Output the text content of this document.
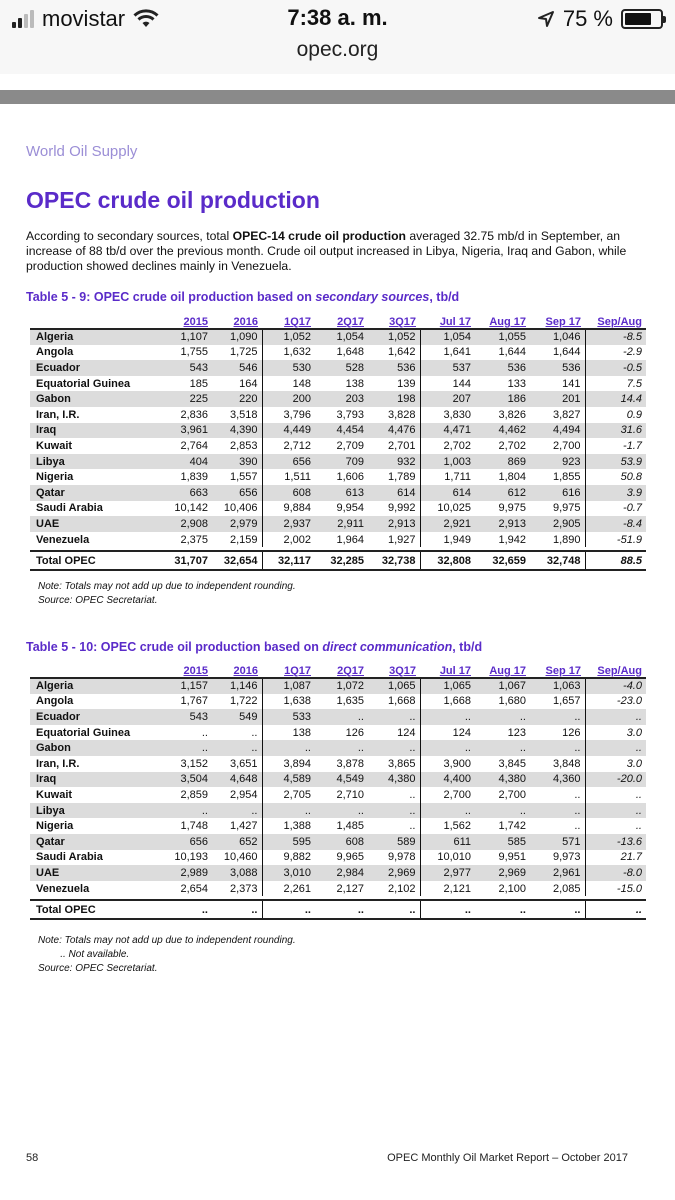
movistar	7:38 a. m.	75 %
opec.org
World Oil Supply
OPEC crude oil production

According to secondary sources, total OPEC-14 crude oil production averaged 32.75 mb/d in September, an increase of 88 tb/d over the previous month. Crude oil output increased in Libya, Nigeria, Iraq and Gabon, while production showed declines mainly in Venezuela.

Table 5 - 9: OPEC crude oil production based on secondary sources, tb/d
	2015	2016	1Q17	2Q17	3Q17	Jul 17	Aug 17	Sep 17	Sep/Aug
Algeria	1,107	1,090	1,052	1,054	1,052	1,054	1,055	1,046	-8.5
Angola	1,755	1,725	1,632	1,648	1,642	1,641	1,644	1,644	-2.9
Ecuador	543	546	530	528	536	537	536	536	-0.5
Equatorial Guinea	185	164	148	138	139	144	133	141	7.5
Gabon	225	220	200	203	198	207	186	201	14.4
Iran, I.R.	2,836	3,518	3,796	3,793	3,828	3,830	3,826	3,827	0.9
Iraq	3,961	4,390	4,449	4,454	4,476	4,471	4,462	4,494	31.6
Kuwait	2,764	2,853	2,712	2,709	2,701	2,702	2,702	2,700	-1.7
Libya	404	390	656	709	932	1,003	869	923	53.9
Nigeria	1,839	1,557	1,511	1,606	1,789	1,711	1,804	1,855	50.8
Qatar	663	656	608	613	614	614	612	616	3.9
Saudi Arabia	10,142	10,406	9,884	9,954	9,992	10,025	9,975	9,975	-0.7
UAE	2,908	2,979	2,937	2,911	2,913	2,921	2,913	2,905	-8.4
Venezuela	2,375	2,159	2,002	1,964	1,927	1,949	1,942	1,890	-51.9

Total OPEC	31,707	32,654	32,117	32,285	32,738	32,808	32,659	32,748	88.5
Note: Totals may not add up due to independent rounding.
Source: OPEC Secretariat.
Table 5 - 10: OPEC crude oil production based on direct communication, tb/d
	2015	2016	1Q17	2Q17	3Q17	Jul 17	Aug 17	Sep 17	Sep/Aug
Algeria	1,157	1,146	1,087	1,072	1,065	1,065	1,067	1,063	-4.0
Angola	1,767	1,722	1,638	1,635	1,668	1,668	1,680	1,657	-23.0
Ecuador	543	549	533	..	..	..	..	..	..
Equatorial Guinea	..	..	138	126	124	124	123	126	3.0
Gabon	..	..	..	..	..	..	..	..	..
Iran, I.R.	3,152	3,651	3,894	3,878	3,865	3,900	3,845	3,848	3.0
Iraq	3,504	4,648	4,589	4,549	4,380	4,400	4,380	4,360	-20.0
Kuwait	2,859	2,954	2,705	2,710	..	2,700	2,700	..	..
Libya	..	..	..	..	..	..	..	..	..
Nigeria	1,748	1,427	1,388	1,485	..	1,562	1,742	..	..
Qatar	656	652	595	608	589	611	585	571	-13.6
Saudi Arabia	10,193	10,460	9,882	9,965	9,978	10,010	9,951	9,973	21.7
UAE	2,989	3,088	3,010	2,984	2,969	2,977	2,969	2,961	-8.0
Venezuela	2,654	2,373	2,261	2,127	2,102	2,121	2,100	2,085	-15.0

Total OPEC	..	..	..	..	..	..	..	..	..
Note: Totals may not add up due to independent rounding.
.. Not available.
Source: OPEC Secretariat.
58	OPEC Monthly Oil Market Report – October 2017
